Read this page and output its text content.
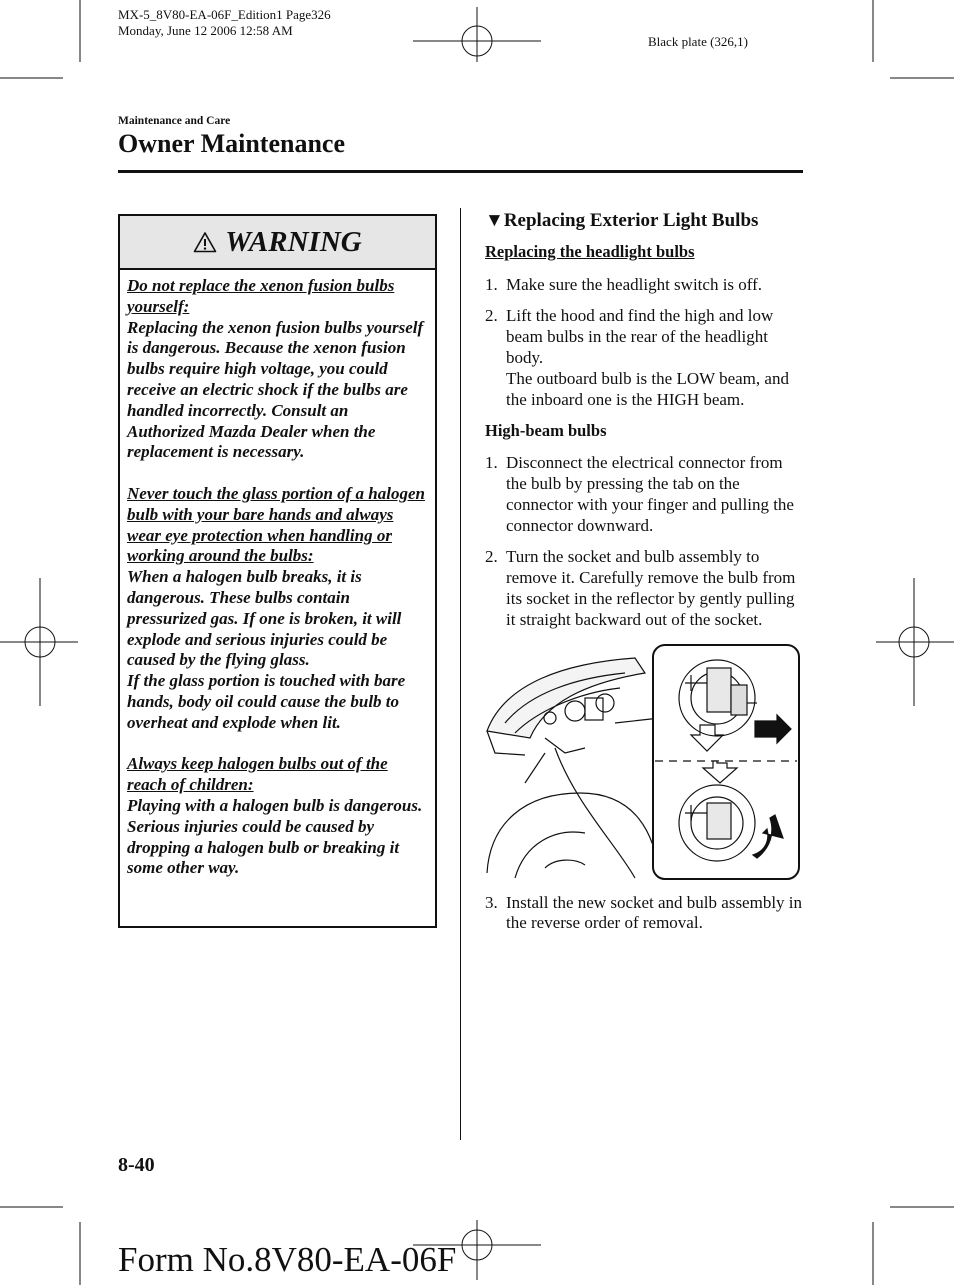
MX-5_8V80-EA-06F_Edition1 Page326
Monday, June 12 2006 12:58 AM
Black plate (326,1)
Maintenance and Care
Owner Maintenance
WARNING
Do not replace the xenon fusion bulbs yourself:
Replacing the xenon fusion bulbs yourself is dangerous. Because the xenon fusion bulbs require high voltage, you could receive an electric shock if the bulbs are handled incorrectly. Consult an Authorized Mazda Dealer when the replacement is necessary.
Never touch the glass portion of a halogen bulb with your bare hands and always wear eye protection when handling or working around the bulbs:
When a halogen bulb breaks, it is dangerous. These bulbs contain pressurized gas. If one is broken, it will explode and serious injuries could be caused by the flying glass.
If the glass portion is touched with bare hands, body oil could cause the bulb to overheat and explode when lit.
Always keep halogen bulbs out of the reach of children:
Playing with a halogen bulb is dangerous. Serious injuries could be caused by dropping a halogen bulb or breaking it some other way.
▼Replacing Exterior Light Bulbs
Replacing the headlight bulbs
1. Make sure the headlight switch is off.
2. Lift the hood and find the high and low beam bulbs in the rear of the headlight body.
The outboard bulb is the LOW beam, and the inboard one is the HIGH beam.
High-beam bulbs
1. Disconnect the electrical connector from the bulb by pressing the tab on the connector with your finger and pulling the connector downward.
2. Turn the socket and bulb assembly to remove it. Carefully remove the bulb from its socket in the reflector by gently pulling it straight backward out of the socket.
3. Install the new socket and bulb assembly in the reverse order of removal.
8-40
Form No.8V80-EA-06F
